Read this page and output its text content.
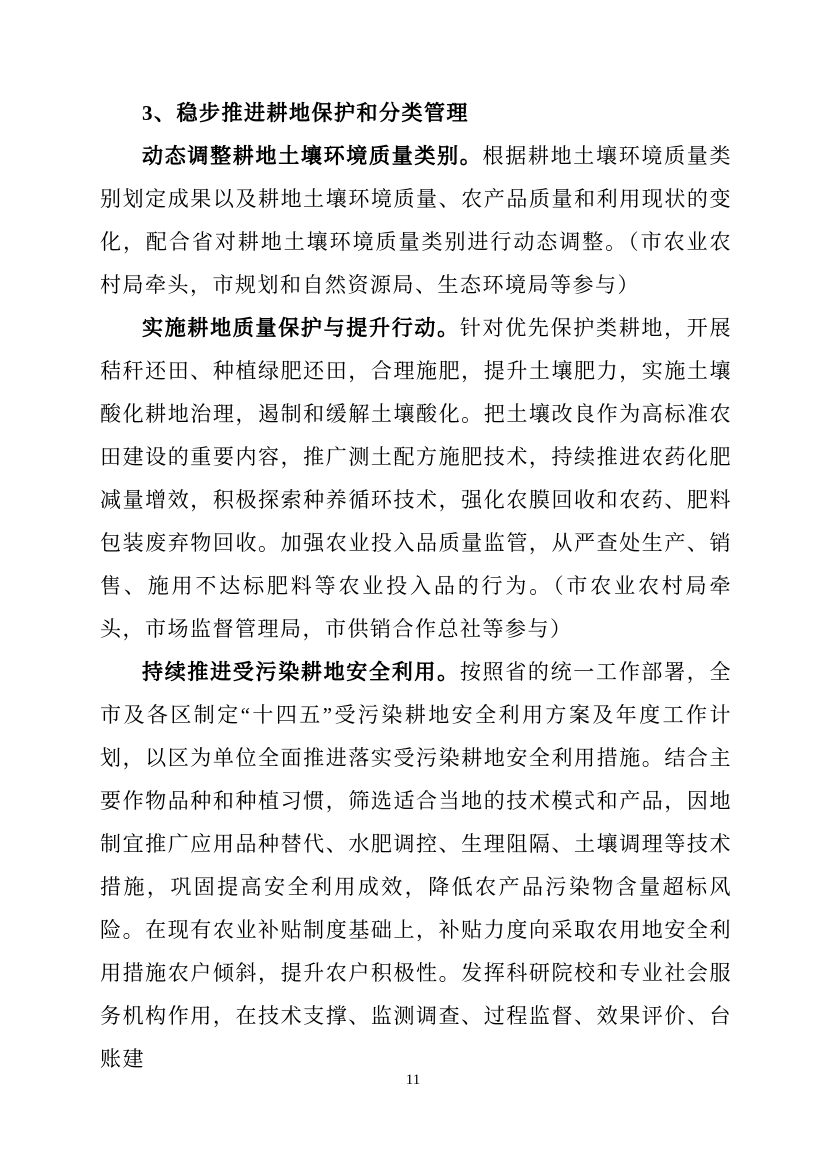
3、稳步推进耕地保护和分类管理

动态调整耕地土壤环境质量类别。根据耕地土壤环境质量类别划定成果以及耕地土壤环境质量、农产品质量和利用现状的变化，配合省对耕地土壤环境质量类别进行动态调整。（市农业农村局牵头，市规划和自然资源局、生态环境局等参与）

实施耕地质量保护与提升行动。针对优先保护类耕地，开展秸秆还田、种植绿肥还田，合理施肥，提升土壤肥力，实施土壤酸化耕地治理，遏制和缓解土壤酸化。把土壤改良作为高标准农田建设的重要内容，推广测土配方施肥技术，持续推进农药化肥减量增效，积极探索种养循环技术，强化农膜回收和农药、肥料包装废弃物回收。加强农业投入品质量监管，从严查处生产、销售、施用不达标肥料等农业投入品的行为。（市农业农村局牵头，市场监督管理局，市供销合作总社等参与）

持续推进受污染耕地安全利用。按照省的统一工作部署，全市及各区制定“十四五”受污染耕地安全利用方案及年度工作计划，以区为单位全面推进落实受污染耕地安全利用措施。结合主要作物品种和种植习惯，筛选适合当地的技术模式和产品，因地制宜推广应用品种替代、水肥调控、生理阻隔、土壤调理等技术措施，巩固提高安全利用成效，降低农产品污染物含量超标风险。在现有农业补贴制度基础上，补贴力度向采取农用地安全利用措施农户倾斜，提升农户积极性。发挥科研院校和专业社会服务机构作用，在技术支撑、监测调查、过程监督、效果评价、台账建

11
